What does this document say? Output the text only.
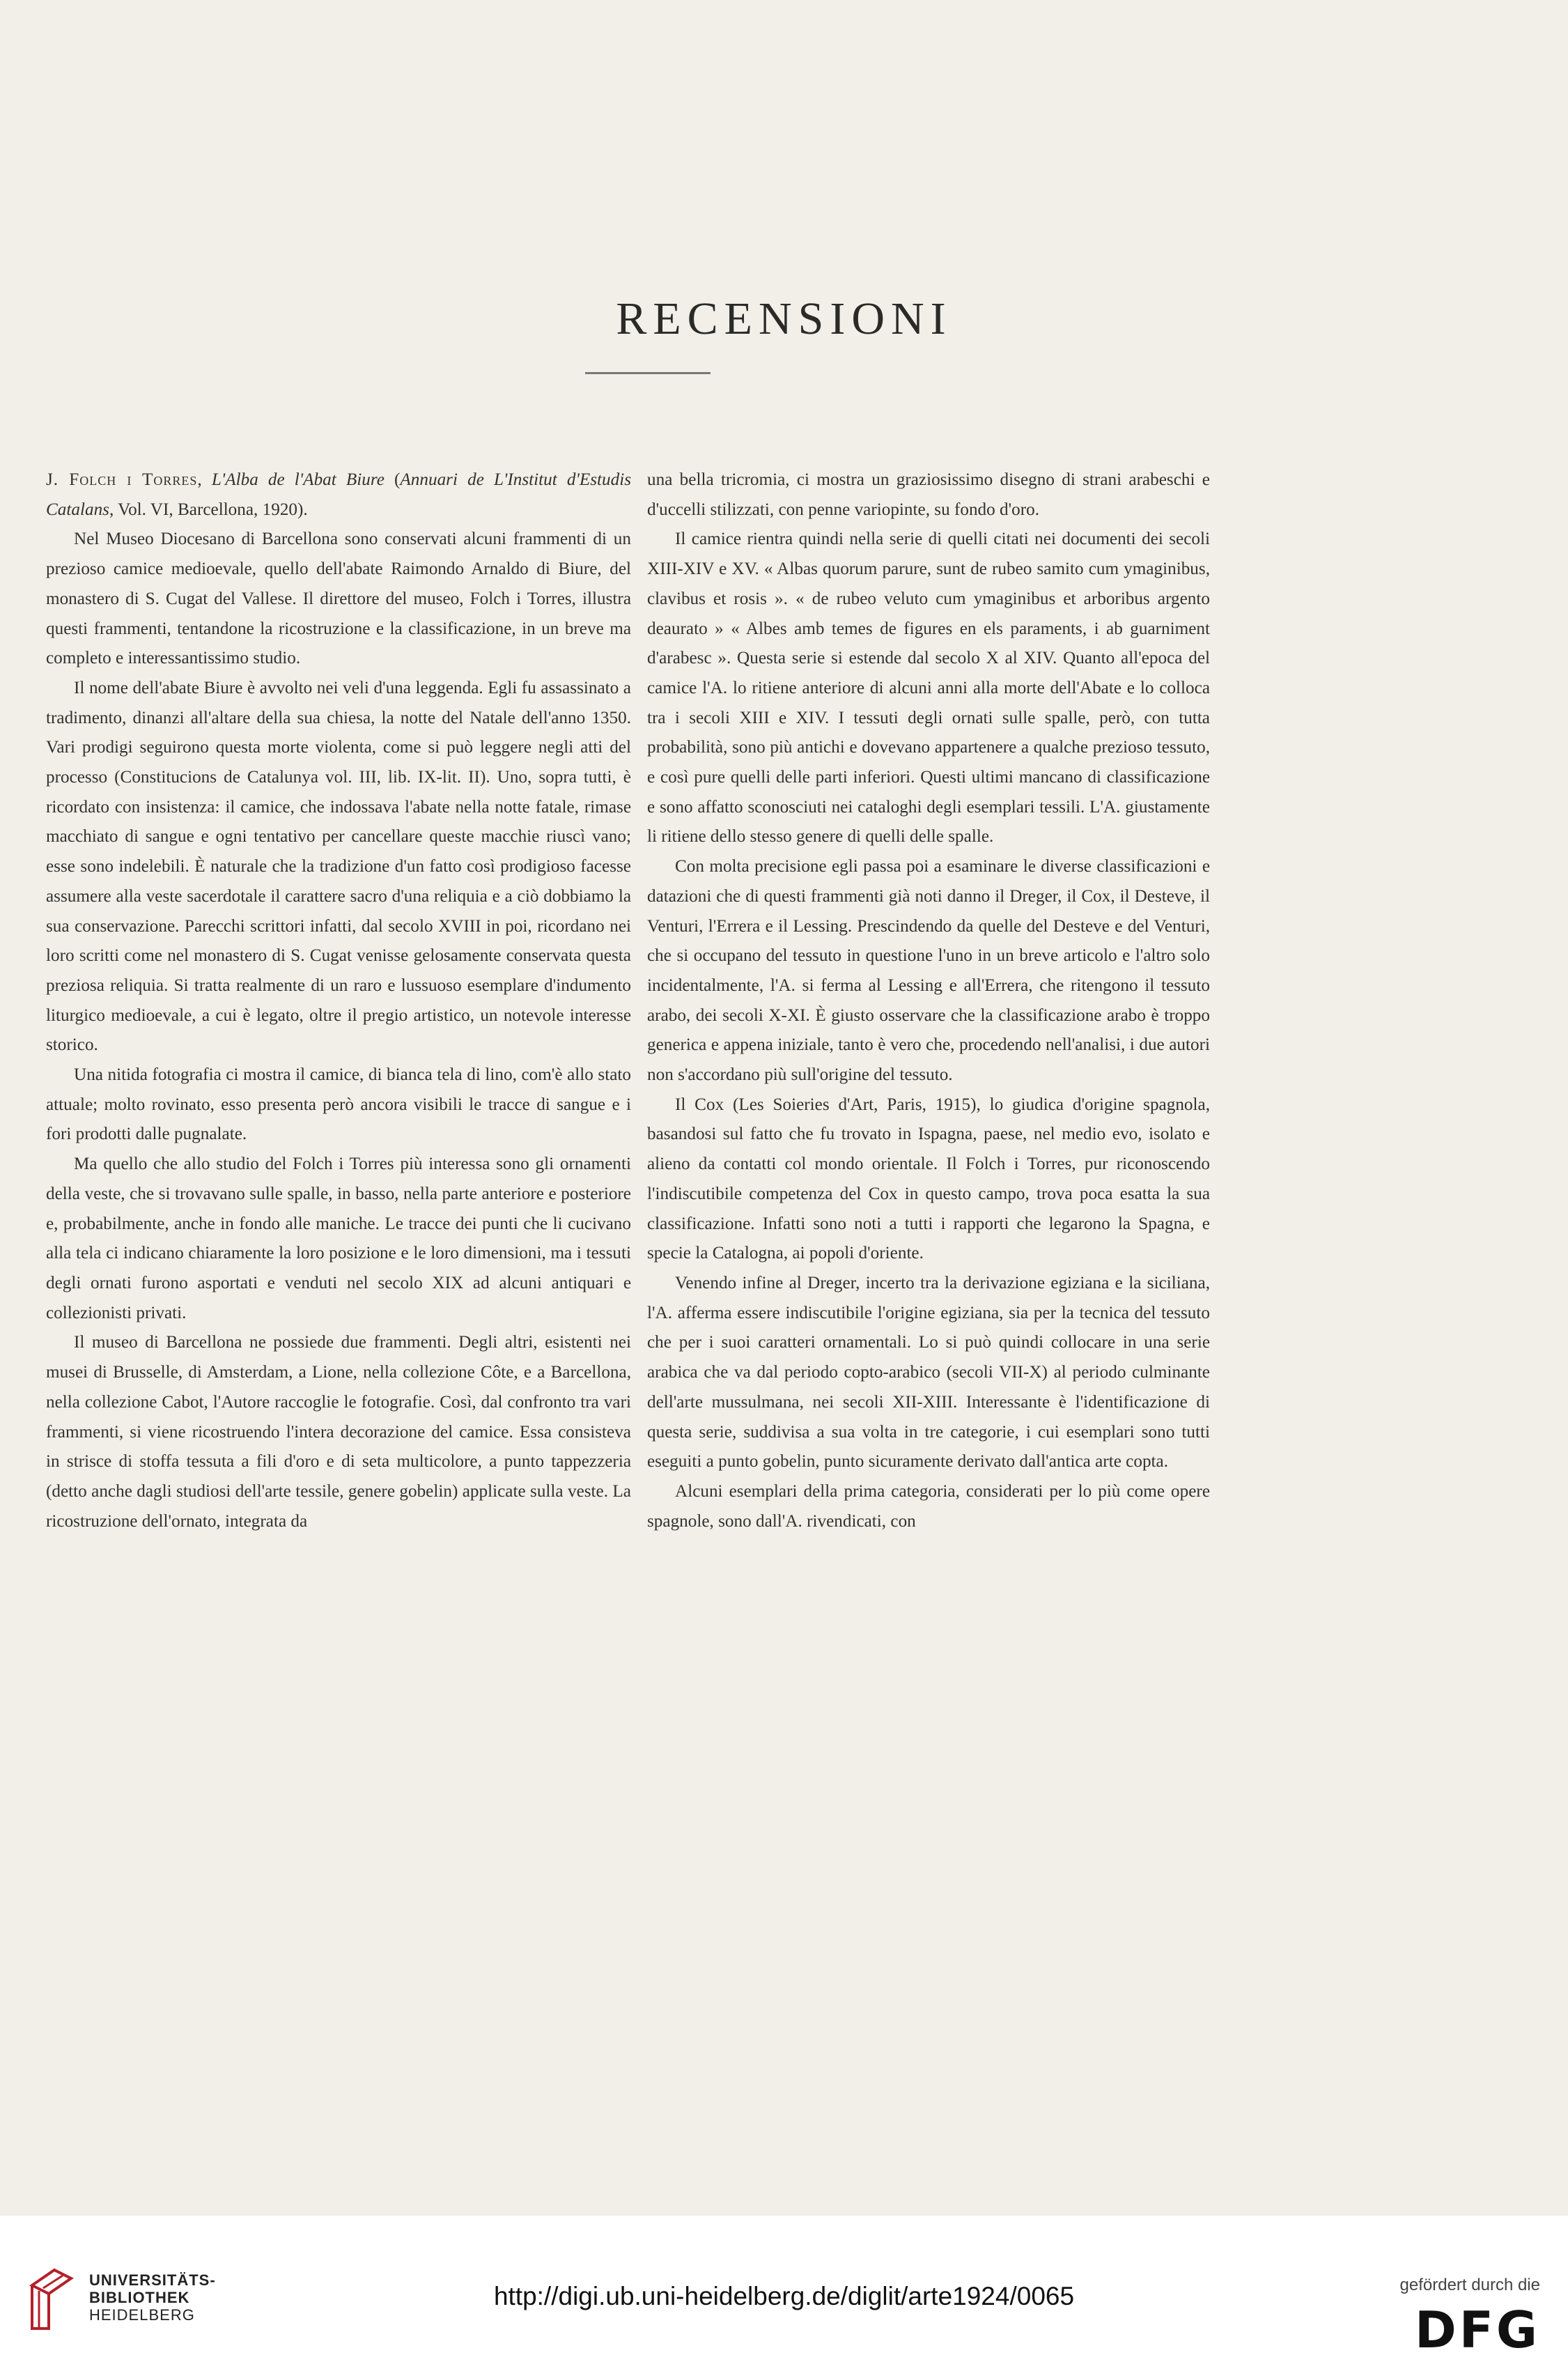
RECENSIONI

J. Folch i Torres, L'Alba de l'Abat Biure (Annuari de L'Institut d'Estudis Catalans, Vol. VI, Barcellona, 1920).

Nel Museo Diocesano di Barcellona sono conservati alcuni frammenti di un prezioso camice medioevale, quello dell'abate Raimondo Arnaldo di Biure, del monastero di S. Cugat del Vallese. Il direttore del museo, Folch i Torres, illustra questi frammenti, tentandone la ricostruzione e la classificazione, in un breve ma completo e interessantissimo studio.

Il nome dell'abate Biure è avvolto nei veli d'una leggenda. Egli fu assassinato a tradimento, dinanzi all'altare della sua chiesa, la notte del Natale dell'anno 1350. Vari prodigi seguirono questa morte violenta, come si può leggere negli atti del processo (Constitucions de Catalunya vol. III, lib. IX-lit. II). Uno, sopra tutti, è ricordato con insistenza: il camice, che indossava l'abate nella notte fatale, rimase macchiato di sangue e ogni tentativo per cancellare queste macchie riuscì vano; esse sono indelebili. È naturale che la tradizione d'un fatto così prodigioso facesse assumere alla veste sacerdotale il carattere sacro d'una reliquia e a ciò dobbiamo la sua conservazione. Parecchi scrittori infatti, dal secolo XVIII in poi, ricordano nei loro scritti come nel monastero di S. Cugat venisse gelosamente conservata questa preziosa reliquia. Si tratta realmente di un raro e lussuoso esemplare d'indumento liturgico medioevale, a cui è legato, oltre il pregio artistico, un notevole interesse storico.

Una nitida fotografia ci mostra il camice, di bianca tela di lino, com'è allo stato attuale; molto rovinato, esso presenta però ancora visibili le tracce di sangue e i fori prodotti dalle pugnalate.

Ma quello che allo studio del Folch i Torres più interessa sono gli ornamenti della veste, che si trovavano sulle spalle, in basso, nella parte anteriore e posteriore e, probabilmente, anche in fondo alle maniche. Le tracce dei punti che li cucivano alla tela ci indicano chiaramente la loro posizione e le loro dimensioni, ma i tessuti degli ornati furono asportati e venduti nel secolo XIX ad alcuni antiquari e collezionisti privati.

Il museo di Barcellona ne possiede due frammenti. Degli altri, esistenti nei musei di Brusselle, di Amsterdam, a Lione, nella collezione Côte, e a Barcellona, nella collezione Cabot, l'Autore raccoglie le fotografie. Così, dal confronto tra vari frammenti, si viene ricostruendo l'intera decorazione del camice. Essa consisteva in strisce di stoffa tessuta a fili d'oro e di seta multicolore, a punto tappezzeria (detto anche dagli studiosi dell'arte tessile, genere gobelin) applicate sulla veste. La ricostruzione dell'ornato, integrata da

una bella tricromia, ci mostra un graziosissimo disegno di strani arabeschi e d'uccelli stilizzati, con penne variopinte, su fondo d'oro.

Il camice rientra quindi nella serie di quelli citati nei documenti dei secoli XIII-XIV e XV. « Albas quorum parure, sunt de rubeo samito cum ymaginibus, clavibus et rosis ». « de rubeo veluto cum ymaginibus et arboribus argento deaurato » « Albes amb temes de figures en els paraments, i ab guarniment d'arabesc ». Questa serie si estende dal secolo X al XIV. Quanto all'epoca del camice l'A. lo ritiene anteriore di alcuni anni alla morte dell'Abate e lo colloca tra i secoli XIII e XIV. I tessuti degli ornati sulle spalle, però, con tutta probabilità, sono più antichi e dovevano appartenere a qualche prezioso tessuto, e così pure quelli delle parti inferiori. Questi ultimi mancano di classificazione e sono affatto sconosciuti nei cataloghi degli esemplari tessili. L'A. giustamente li ritiene dello stesso genere di quelli delle spalle.

Con molta precisione egli passa poi a esaminare le diverse classificazioni e datazioni che di questi frammenti già noti danno il Dreger, il Cox, il Desteve, il Venturi, l'Errera e il Lessing. Prescindendo da quelle del Desteve e del Venturi, che si occupano del tessuto in questione l'uno in un breve articolo e l'altro solo incidentalmente, l'A. si ferma al Lessing e all'Errera, che ritengono il tessuto arabo, dei secoli X-XI. È giusto osservare che la classificazione arabo è troppo generica e appena iniziale, tanto è vero che, procedendo nell'analisi, i due autori non s'accordano più sull'origine del tessuto.

Il Cox (Les Soieries d'Art, Paris, 1915), lo giudica d'origine spagnola, basandosi sul fatto che fu trovato in Ispagna, paese, nel medio evo, isolato e alieno da contatti col mondo orientale. Il Folch i Torres, pur riconoscendo l'indiscutibile competenza del Cox in questo campo, trova poca esatta la sua classificazione. Infatti sono noti a tutti i rapporti che legarono la Spagna, e specie la Catalogna, ai popoli d'oriente.

Venendo infine al Dreger, incerto tra la derivazione egiziana e la siciliana, l'A. afferma essere indiscutibile l'origine egiziana, sia per la tecnica del tessuto che per i suoi caratteri ornamentali. Lo si può quindi collocare in una serie arabica che va dal periodo copto-arabico (secoli VII-X) al periodo culminante dell'arte mussulmana, nei secoli XII-XIII. Interessante è l'identificazione di questa serie, suddivisa a sua volta in tre categorie, i cui esemplari sono tutti eseguiti a punto gobelin, punto sicuramente derivato dall'antica arte copta.

Alcuni esemplari della prima categoria, considerati per lo più come opere spagnole, sono dall'A. rivendicati, con

UNIVERSITÄTS-
BIBLIOTHEK
HEIDELBERG
http://digi.ub.uni-heidelberg.de/diglit/arte1924/0065	gefördert durch die
DFG
